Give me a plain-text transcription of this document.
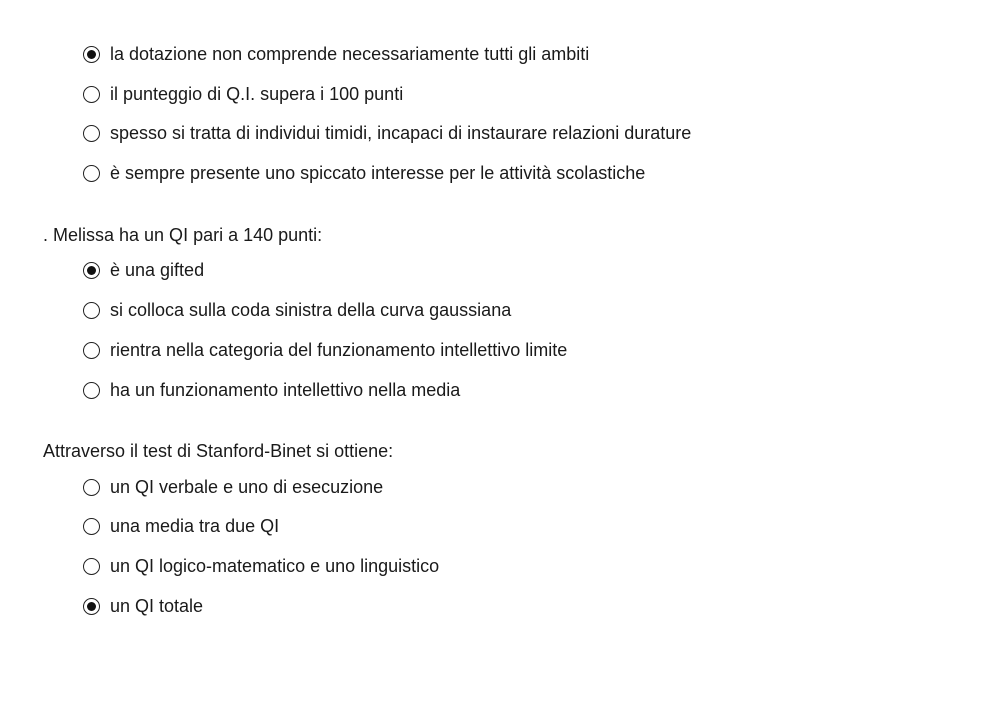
la dotazione non comprende necessariamente tutti gli ambiti
il punteggio di Q.I. supera i 100 punti
spesso si tratta di individui timidi, incapaci di instaurare relazioni durature
è sempre presente uno spiccato interesse per le attività scolastiche

. Melissa ha un QI pari a 140 punti:

è una gifted
si colloca sulla coda sinistra della curva gaussiana
rientra nella categoria del funzionamento intellettivo limite
ha un funzionamento intellettivo nella media

Attraverso il test di Stanford-Binet si ottiene:

un QI verbale e uno di esecuzione
una media tra due QI
un QI logico-matematico e uno linguistico
un QI totale
